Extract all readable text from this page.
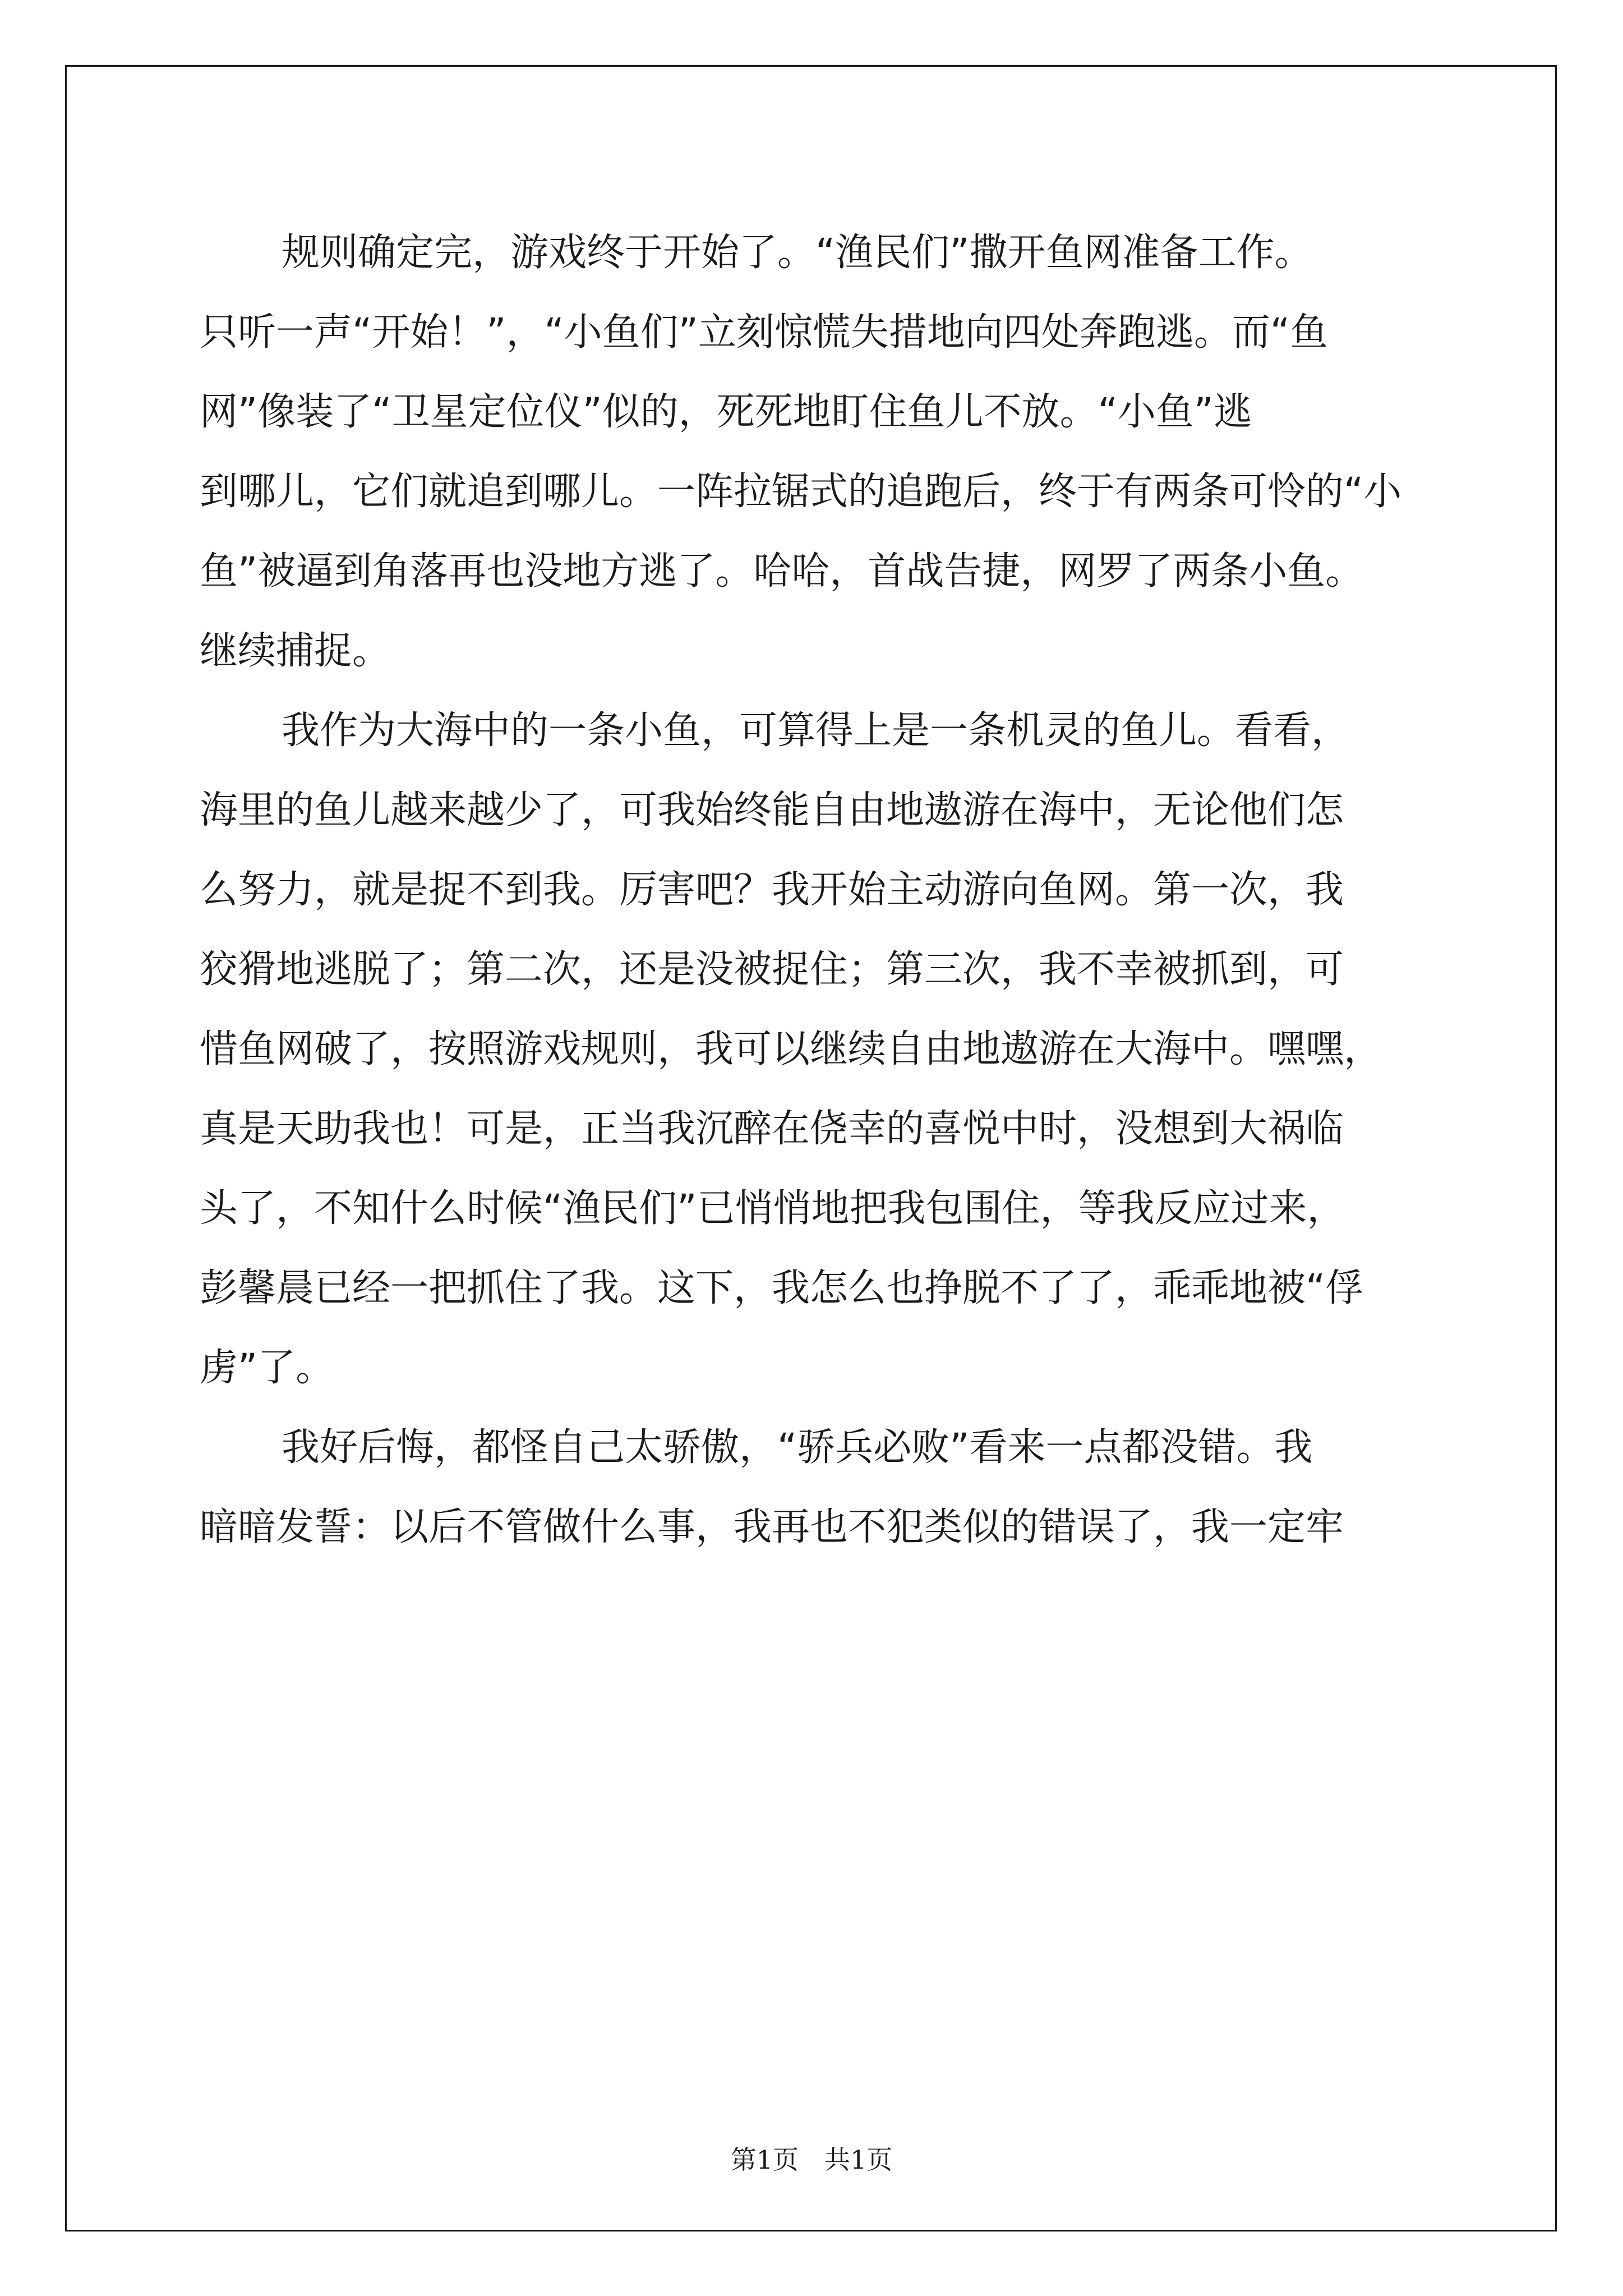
规则确定完，游戏终于开始了。“渔民们”撒开鱼网准备工作。
只听一声“开始！”，“小鱼们”立刻惊慌失措地向四处奔跑逃。而“鱼
网”像装了“卫星定位仪”似的，死死地盯住鱼儿不放。“小鱼”逃
到哪儿，它们就追到哪儿。一阵拉锯式的追跑后，终于有两条可怜的“小
鱼”被逼到角落再也没地方逃了。哈哈，首战告捷，网罗了两条小鱼。
继续捕捉。

我作为大海中的一条小鱼，可算得上是一条机灵的鱼儿。看看，
海里的鱼儿越来越少了，可我始终能自由地遨游在海中，无论他们怎
么努力，就是捉不到我。厉害吧？我开始主动游向鱼网。第一次，我
狡猾地逃脱了；第二次，还是没被捉住；第三次，我不幸被抓到，可
惜鱼网破了，按照游戏规则，我可以继续自由地遨游在大海中。嘿嘿，
真是天助我也！可是，正当我沉醉在侥幸的喜悦中时，没想到大祸临
头了，不知什么时候“渔民们”已悄悄地把我包围住，等我反应过来，
彭馨晨已经一把抓住了我。这下，我怎么也挣脱不了了，乖乖地被“俘
虏”了。

我好后悔，都怪自己太骄傲，“骄兵必败”看来一点都没错。我
暗暗发誓：以后不管做什么事，我再也不犯类似的错误了，我一定牢

第1页　共1页
